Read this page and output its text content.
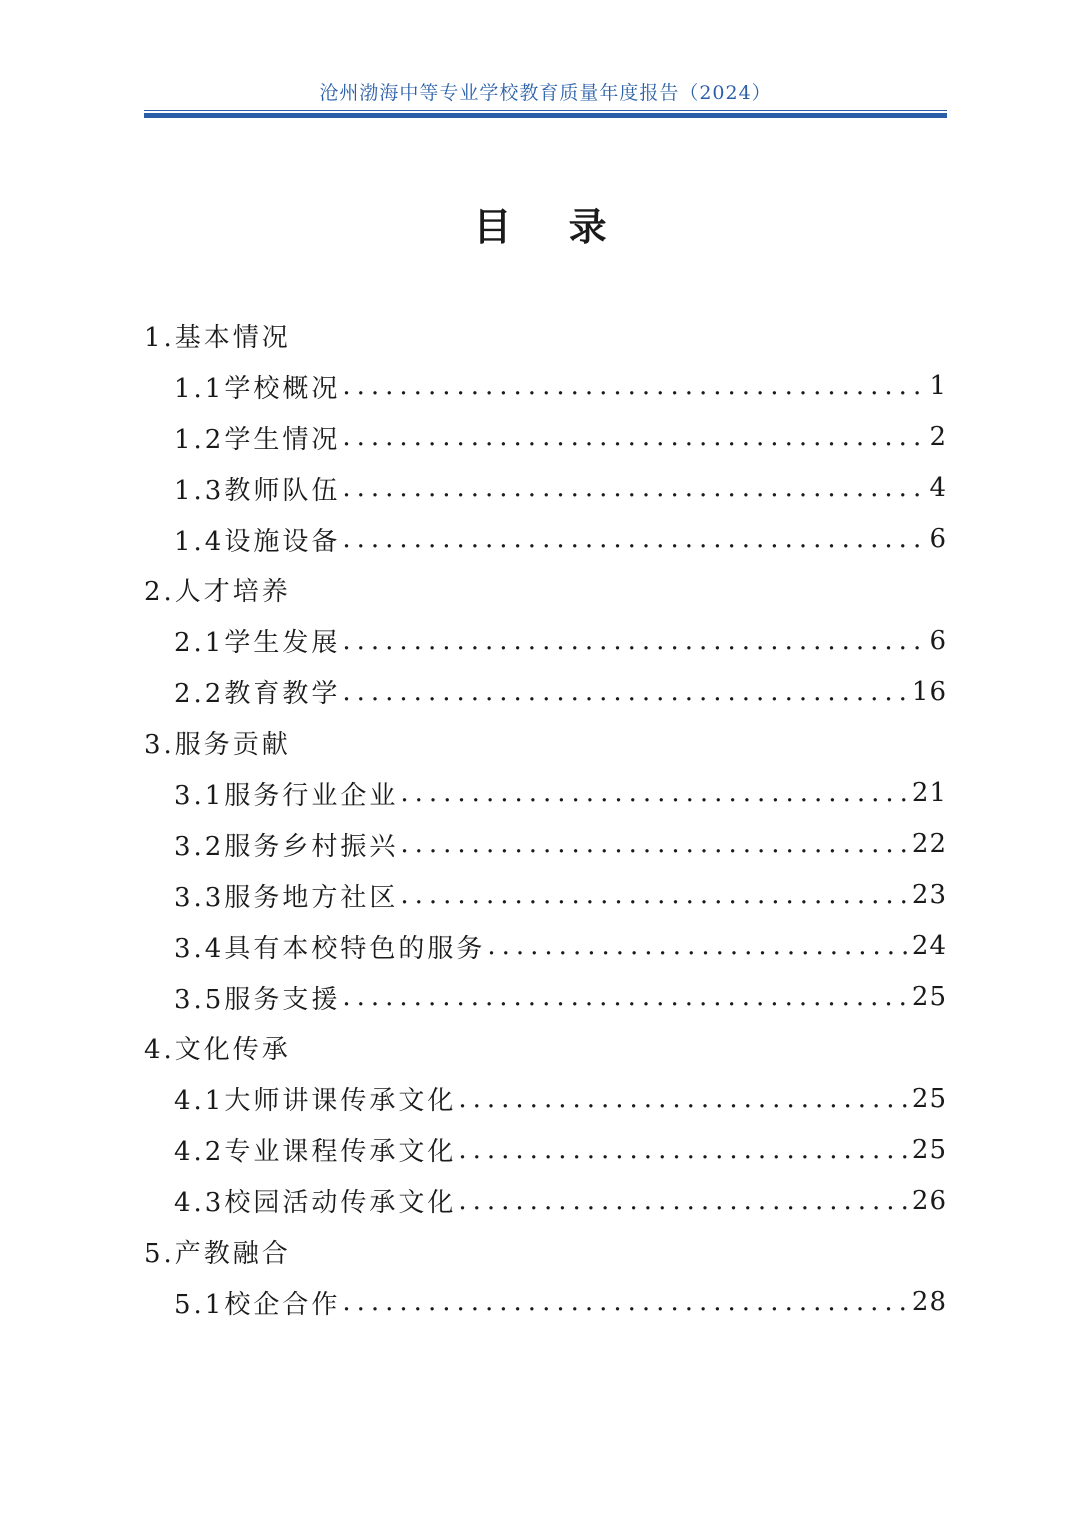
沧州渤海中等专业学校教育质量年度报告（2024）
目 录
1.基本情况
1.1学校概况 .....	1
1.2学生情况 .....	2
1.3教师队伍 .....	4
1.4设施设备 .....	6
2.人才培养
2.1学生发展 .....	6
2.2教育教学 .....	16
3.服务贡献
3.1服务行业企业 .....	21
3.2服务乡村振兴 .....	22
3.3服务地方社区 .....	23
3.4具有本校特色的服务 .....	24
3.5服务支援 .....	25
4.文化传承
4.1大师讲课传承文化 .....	25
4.2专业课程传承文化 .....	25
4.3校园活动传承文化 .....	26
5.产教融合
5.1校企合作 .....	28
